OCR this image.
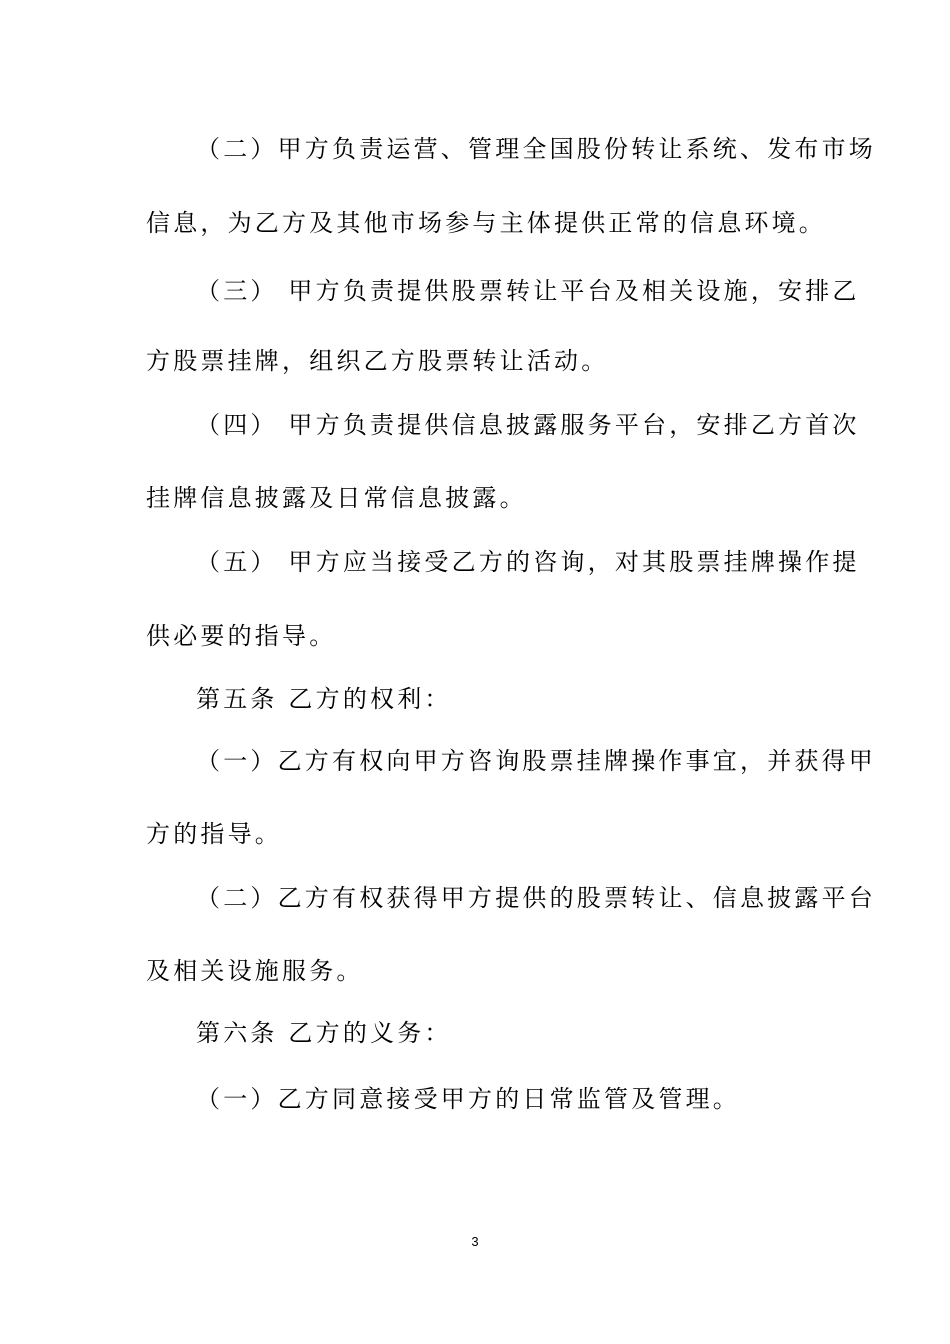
（二）甲方负责运营、管理全国股份转让系统、发布市场
信息，为乙方及其他市场参与主体提供正常的信息环境。
（三） 甲方负责提供股票转让平台及相关设施，安排乙
方股票挂牌，组织乙方股票转让活动。
（四） 甲方负责提供信息披露服务平台，安排乙方首次
挂牌信息披露及日常信息披露。
（五） 甲方应当接受乙方的咨询，对其股票挂牌操作提
供必要的指导。
第五条 乙方的权利：
（一）乙方有权向甲方咨询股票挂牌操作事宜，并获得甲
方的指导。
（二）乙方有权获得甲方提供的股票转让、信息披露平台
及相关设施服务。
第六条 乙方的义务：
（一）乙方同意接受甲方的日常监管及管理。
3
